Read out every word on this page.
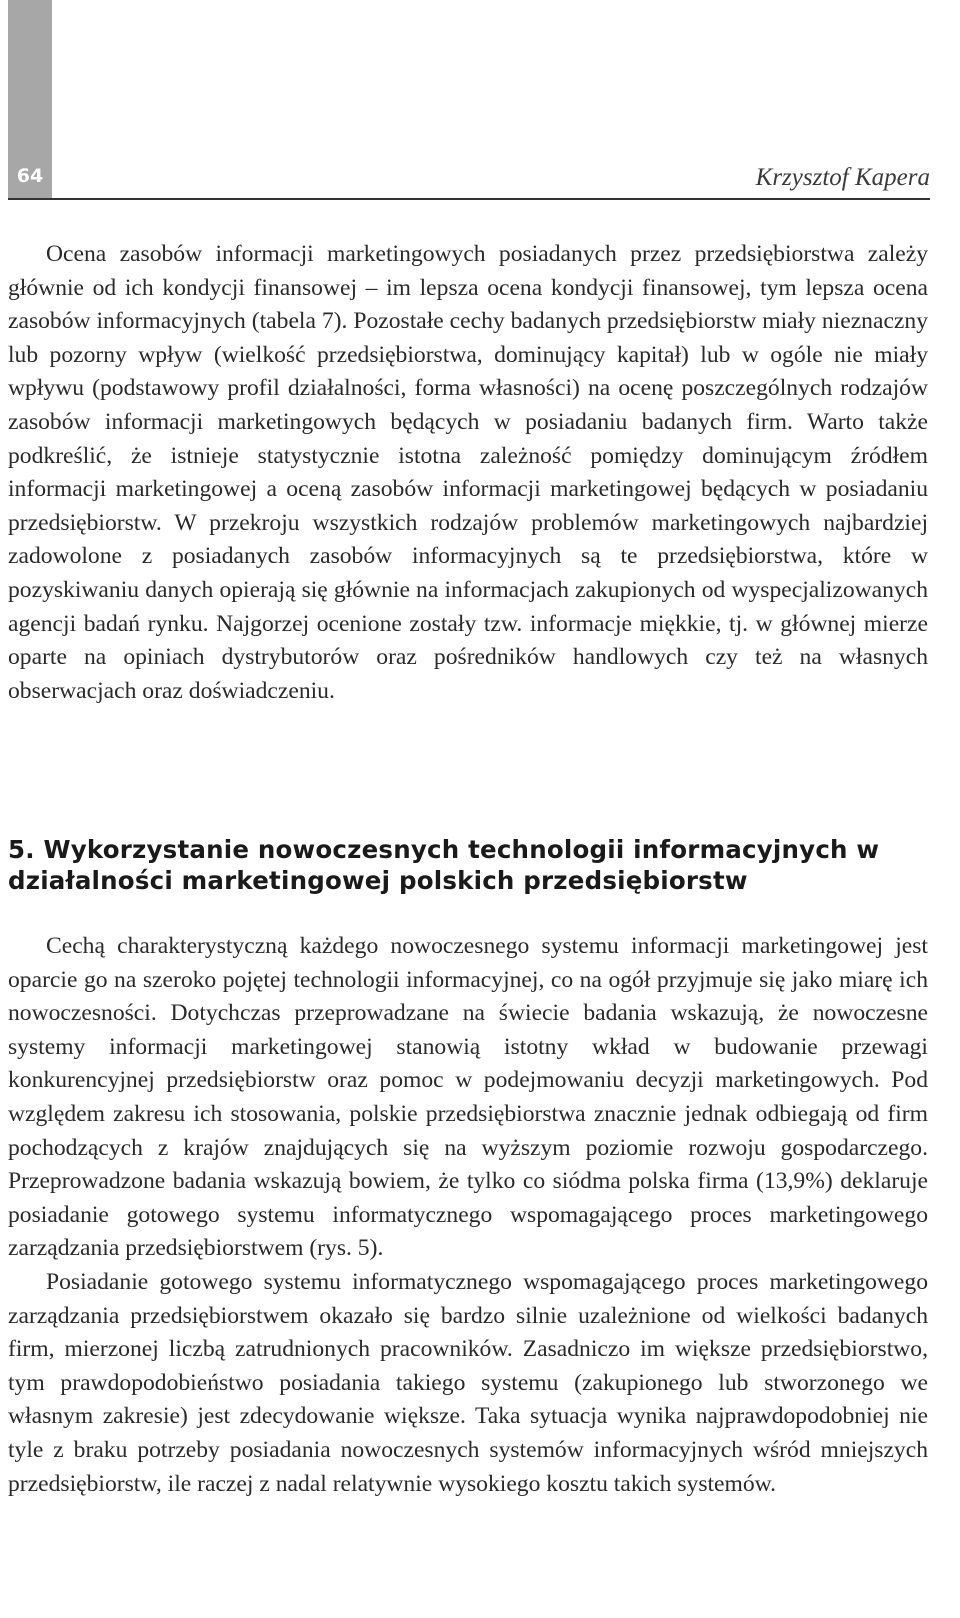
64	Krzysztof Kapera

Ocena zasobów informacji marketingowych posiadanych przez przedsiębiorstwa zależy głównie od ich kondycji finansowej – im lepsza ocena kondycji finansowej, tym lepsza ocena zasobów informacyjnych (tabela 7). Pozostałe cechy badanych przedsiębiorstw miały nieznaczny lub pozorny wpływ (wielkość przedsiębiorstwa, dominujący kapitał) lub w ogóle nie miały wpływu (podstawowy profil działalności, forma własności) na ocenę poszczególnych rodzajów zasobów informacji marketingowych będących w posiadaniu badanych firm. Warto także podkreślić, że istnieje statystycznie istotna zależność pomiędzy dominującym źródłem informacji marketingowej a oceną zasobów informacji marketingowej będących w posiadaniu przedsiębiorstw. W przekroju wszystkich rodzajów problemów marketingowych najbardziej zadowolone z posiadanych zasobów informacyjnych są te przedsiębiorstwa, które w pozyskiwaniu danych opierają się głównie na informacjach zakupionych od wyspecjalizowanych agencji badań rynku. Najgorzej ocenione zostały tzw. informacje miękkie, tj. w głównej mierze oparte na opiniach dystrybutorów oraz pośredników handlowych czy też na własnych obserwacjach oraz doświadczeniu.

5. Wykorzystanie nowoczesnych technologii informacyjnych w działalności marketingowej polskich przedsiębiorstw

Cechą charakterystyczną każdego nowoczesnego systemu informacji marketingowej jest oparcie go na szeroko pojętej technologii informacyjnej, co na ogół przyjmuje się jako miarę ich nowoczesności. Dotychczas przeprowadzane na świecie badania wskazują, że nowoczesne systemy informacji marketingowej stanowią istotny wkład w budowanie przewagi konkurencyjnej przedsiębiorstw oraz pomoc w podejmowaniu decyzji marketingowych. Pod względem zakresu ich stosowania, polskie przedsiębiorstwa znacznie jednak odbiegają od firm pochodzących z krajów znajdujących się na wyższym poziomie rozwoju gospodarczego. Przeprowadzone badania wskazują bowiem, że tylko co siódma polska firma (13,9%) deklaruje posiadanie gotowego systemu informatycznego wspomagającego proces marketingowego zarządzania przedsiębiorstwem (rys. 5).

Posiadanie gotowego systemu informatycznego wspomagającego proces marketingowego zarządzania przedsiębiorstwem okazało się bardzo silnie uzależnione od wielkości badanych firm, mierzonej liczbą zatrudnionych pracowników. Zasadniczo im większe przedsiębiorstwo, tym prawdopodobieństwo posiadania takiego systemu (zakupionego lub stworzonego we własnym zakresie) jest zdecydowanie większe. Taka sytuacja wynika najprawdopodobniej nie tyle z braku potrzeby posiadania nowoczesnych systemów informacyjnych wśród mniejszych przedsiębiorstw, ile raczej z nadal relatywnie wysokiego kosztu takich systemów.
